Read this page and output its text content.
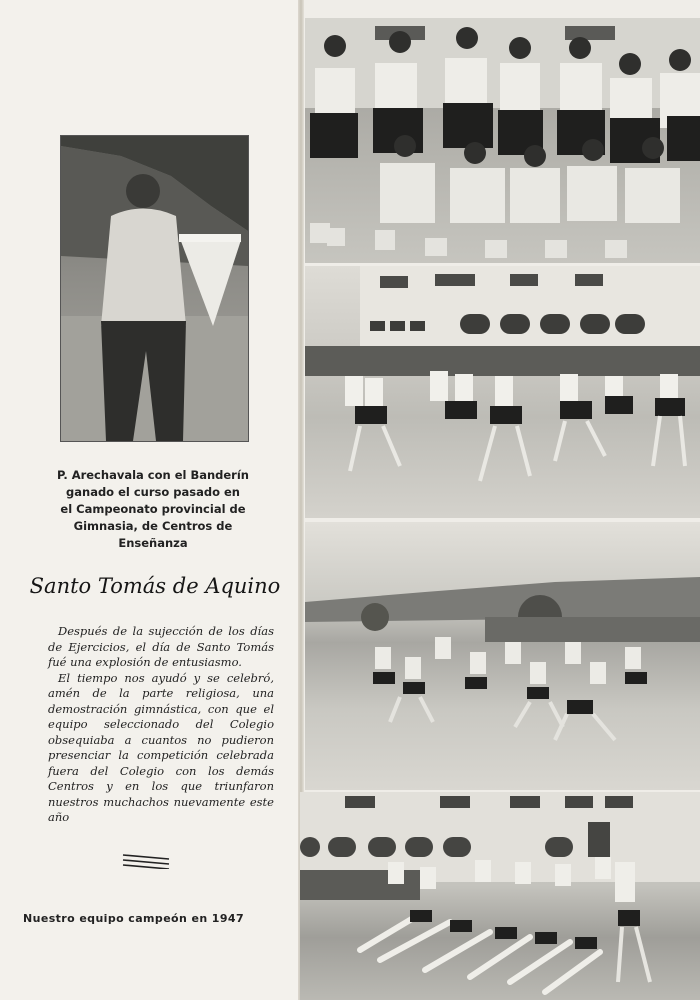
P. Arechavala con el Banderín
ganado el curso pasado en
el Campeonato provincial de
Gimnasia, de Centros de
Enseñanza
Santo Tomás de Aquino

Después de la sujección de los días de Ejercicios, el día de Santo Tomás fué una explosión de entusiasmo.

El tiempo nos ayudó y se celebró, amén de la parte religiosa, una demostración gimnástica, con que el equipo seleccionado del Colegio obsequiaba a cuantos no pudieron presenciar la competición celebrada fuera del Colegio con los demás Centros y en los que triunfaron nuestros muchachos nuevamente este año

Nuestro equipo campeón en 1947
